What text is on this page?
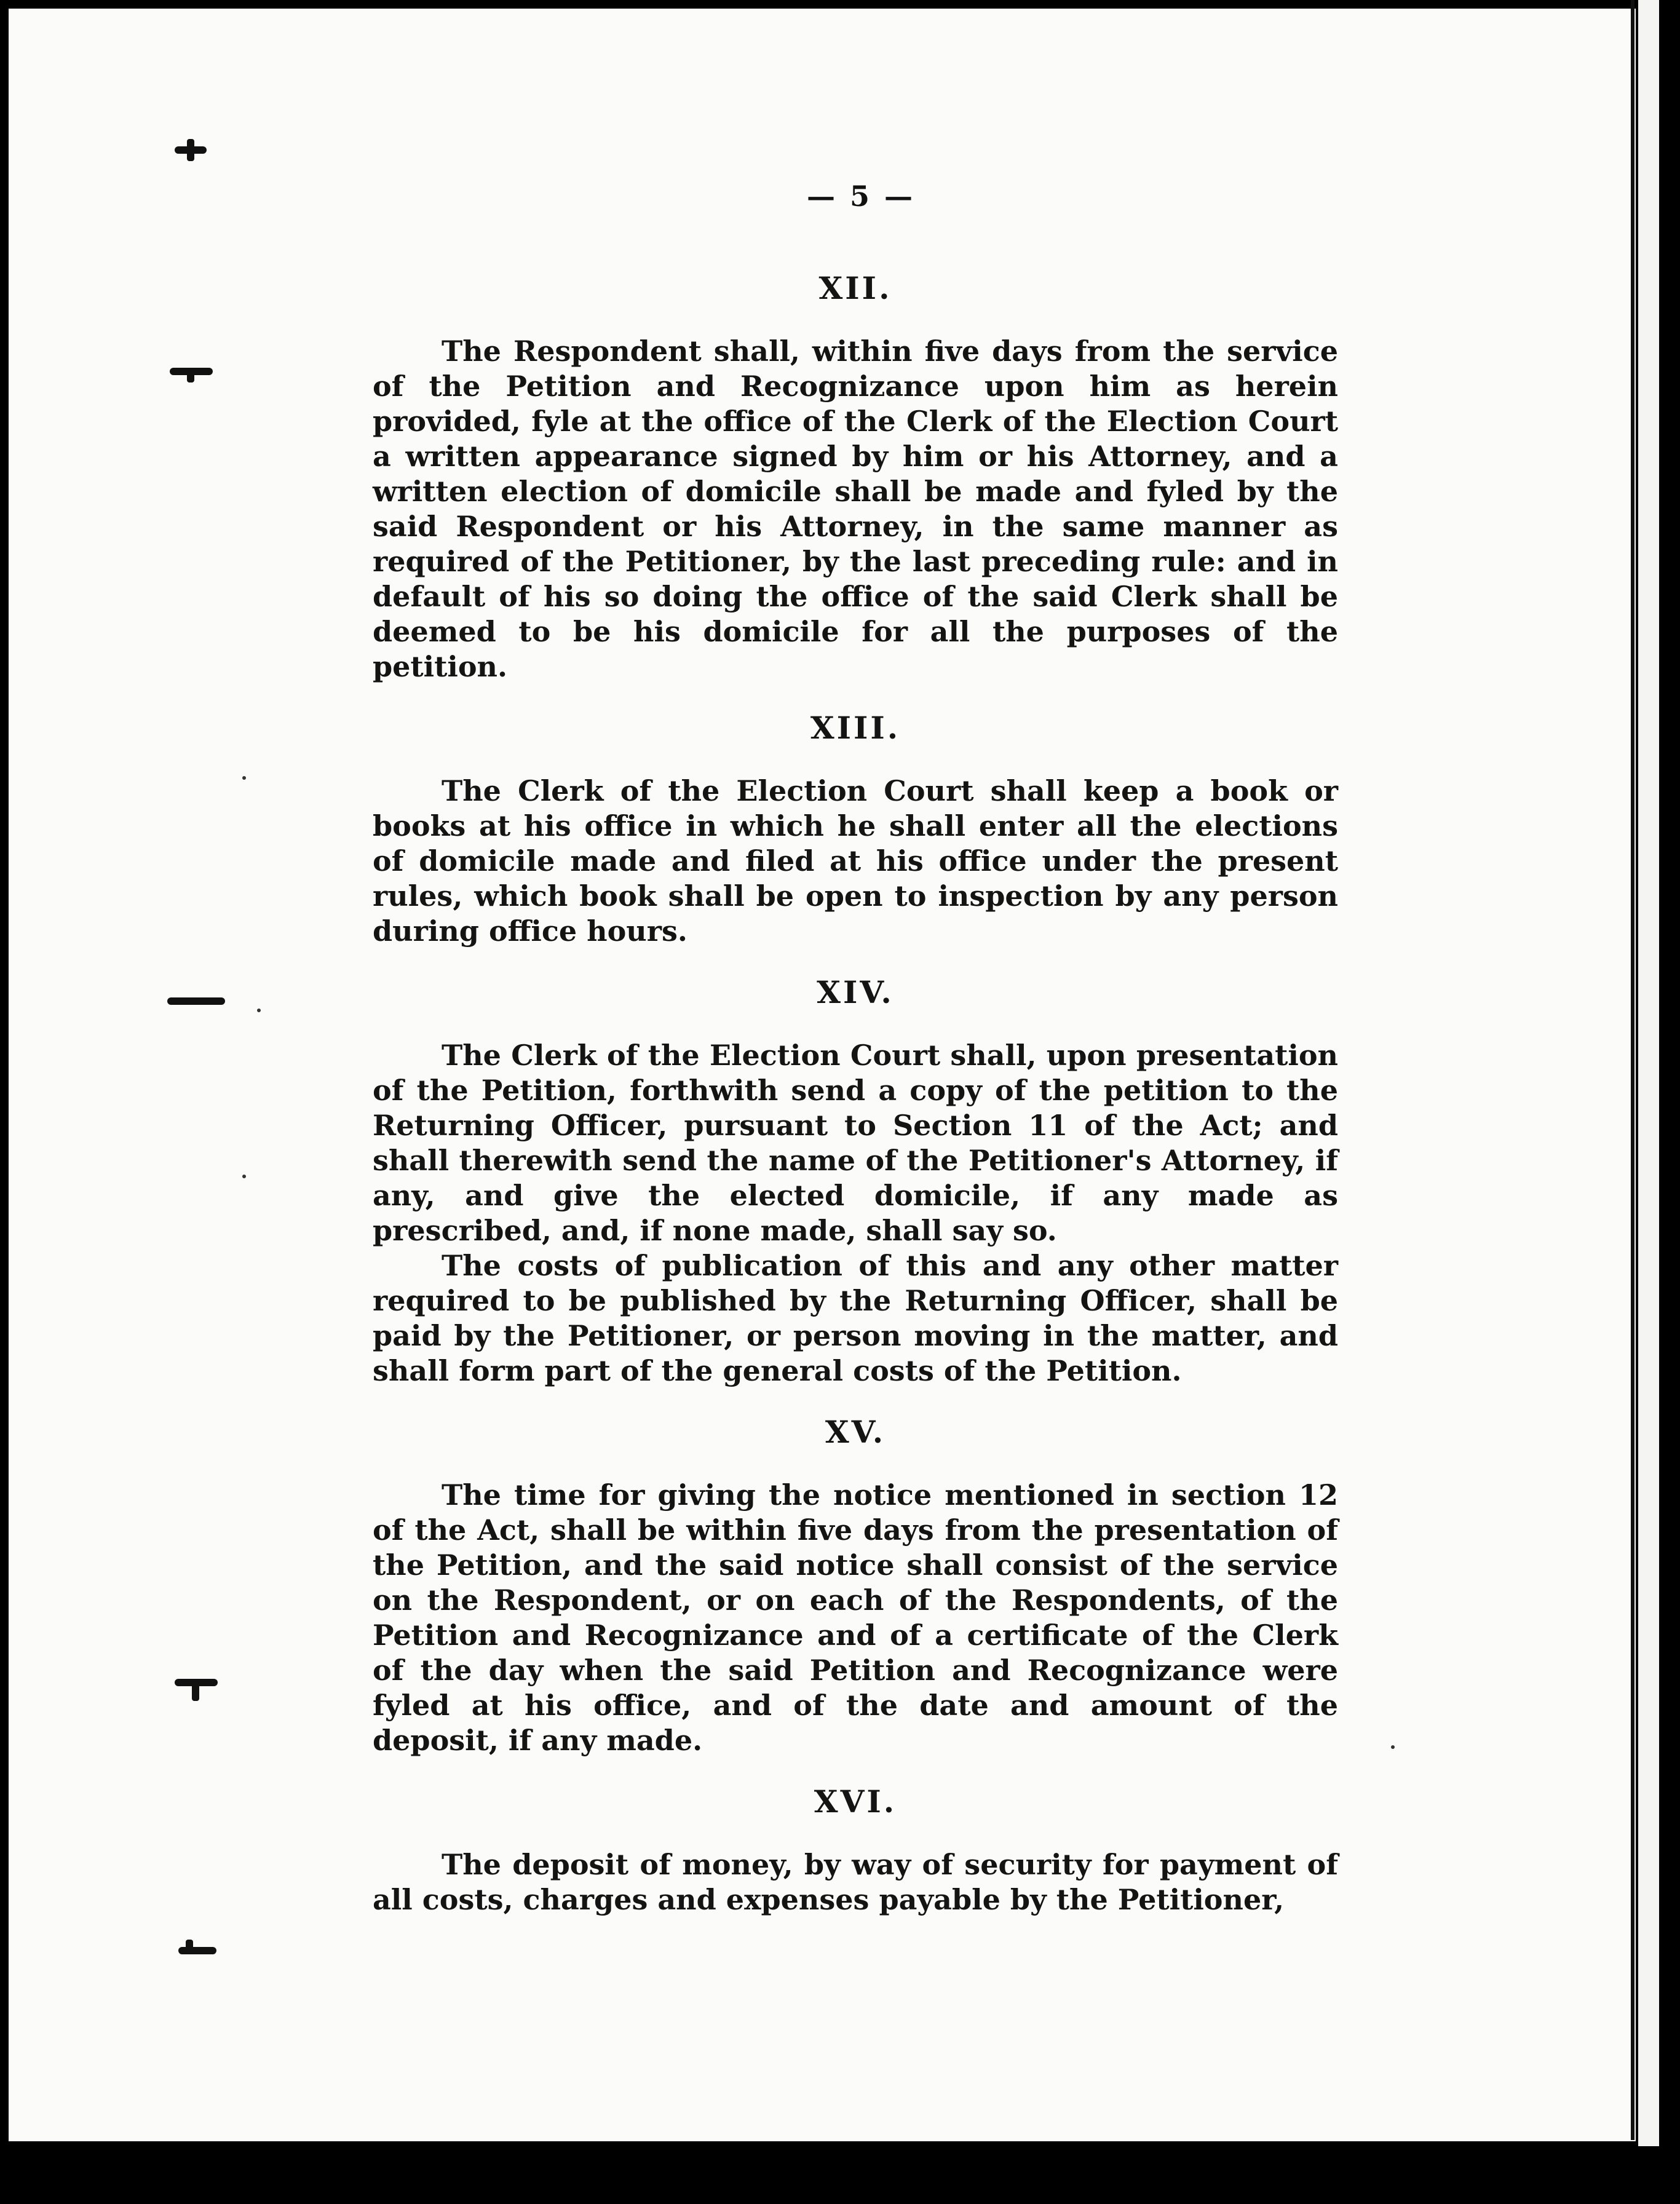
— 5 —
XII.

The Respondent shall, within five days from the service of the Petition and Recognizance upon him as herein provided, fyle at the office of the Clerk of the Election Court a written appearance signed by him or his Attorney, and a written election of domicile shall be made and fyled by the said Respondent or his Attorney, in the same manner as required of the Petitioner, by the last preceding rule: and in default of his so doing the office of the said Clerk shall be deemed to be his domicile for all the purposes of the petition.

XIII.

The Clerk of the Election Court shall keep a book or books at his office in which he shall enter all the elections of domicile made and filed at his office under the present rules, which book shall be open to inspection by any person during office hours.

XIV.

The Clerk of the Election Court shall, upon presentation of the Petition, forthwith send a copy of the petition to the Returning Officer, pursuant to Section 11 of the Act; and shall therewith send the name of the Petitioner's Attorney, if any, and give the elected domicile, if any made as prescribed, and, if none made, shall say so.

The costs of publication of this and any other matter required to be published by the Returning Officer, shall be paid by the Petitioner, or person moving in the matter, and shall form part of the general costs of the Petition.

XV.

The time for giving the notice mentioned in section 12 of the Act, shall be within five days from the presentation of the Petition, and the said notice shall consist of the service on the Respondent, or on each of the Respondents, of the Petition and Recognizance and of a certificate of the Clerk of the day when the said Petition and Recognizance were fyled at his office, and of the date and amount of the deposit, if any made.

XVI.

The deposit of money, by way of security for payment of all costs, charges and expenses payable by the Petitioner,
